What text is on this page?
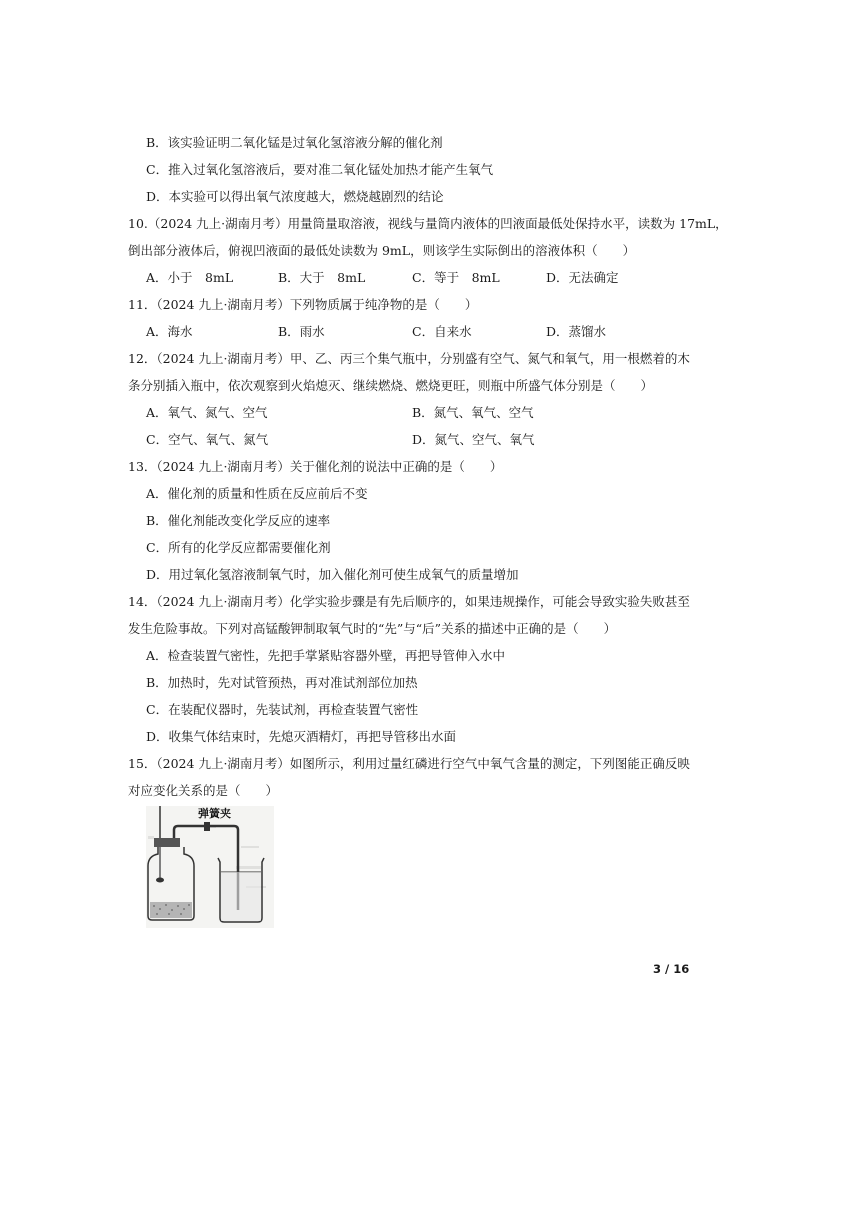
B．该实验证明二氧化锰是过氧化氢溶液分解的催化剂
C．推入过氧化氢溶液后，要对准二氧化锰处加热才能产生氧气
D．本实验可以得出氧气浓度越大，燃烧越剧烈的结论
10.（2024 九上·湖南月考）用量筒量取溶液，视线与量筒内液体的凹液面最低处保持水平，读数为 17mL，
倒出部分液体后，俯视凹液面的最低处读数为 9mL，则该学生实际倒出的溶液体积（　　）
A．小于　8mL	B．大于　8mL	C．等于　8mL	D．无法确定
11．（2024 九上·湖南月考）下列物质属于纯净物的是（　　）
A．海水	B．雨水	C．自来水	D．蒸馏水
12．（2024 九上·湖南月考）甲、乙、丙三个集气瓶中，分别盛有空气、氮气和氧气，用一根燃着的木
条分别插入瓶中，依次观察到火焰熄灭、继续燃烧、燃烧更旺，则瓶中所盛气体分别是（　　）
A．氧气、氮气、空气	B．氮气、氧气、空气
C．空气、氧气、氮气	D．氮气、空气、氧气
13．（2024 九上·湖南月考）关于催化剂的说法中正确的是（　　）
A．催化剂的质量和性质在反应前后不变
B．催化剂能改变化学反应的速率
C．所有的化学反应都需要催化剂
D．用过氧化氢溶液制氧气时，加入催化剂可使生成氧气的质量增加
14．（2024 九上·湖南月考）化学实验步骤是有先后顺序的，如果违规操作，可能会导致实验失败甚至
发生危险事故。下列对高锰酸钾制取氧气时的“先”与“后”关系的描述中正确的是（　　）
A．检查装置气密性，先把手掌紧贴容器外壁，再把导管伸入水中
B．加热时，先对试管预热，再对准试剂部位加热
C．在装配仪器时，先装试剂，再检查装置气密性
D．收集气体结束时，先熄灭酒精灯，再把导管移出水面
15．（2024 九上·湖南月考）如图所示，利用过量红磷进行空气中氧气含量的测定，下列图能正确反映
对应变化关系的是（　　）
弹簧夹
3 / 16
